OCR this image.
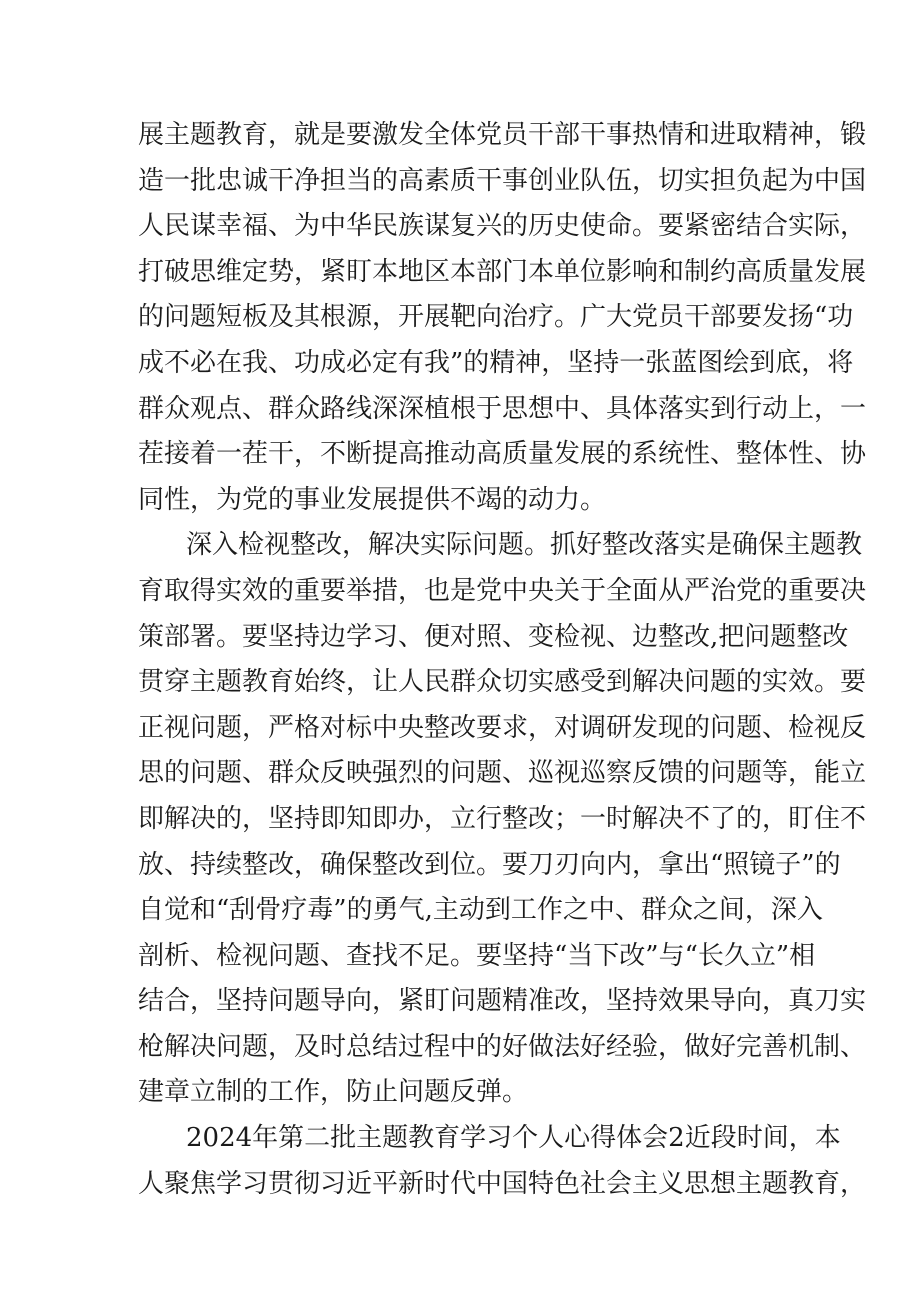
展主题教育，就是要激发全体党员干部干事热情和进取精神，锻
造一批忠诚干净担当的高素质干事创业队伍，切实担负起为中国
人民谋幸福、为中华民族谋复兴的历史使命。要紧密结合实际，
打破思维定势，紧盯本地区本部门本单位影响和制约高质量发展
的问题短板及其根源，开展靶向治疗。广大党员干部要发扬“功
成不必在我、功成必定有我”的精神，坚持一张蓝图绘到底，将
群众观点、群众路线深深植根于思想中、具体落实到行动上，一
茬接着一茬干，不断提高推动高质量发展的系统性、整体性、协
同性，为党的事业发展提供不竭的动力。
深入检视整改，解决实际问题。抓好整改落实是确保主题教
育取得实效的重要举措，也是党中央关于全面从严治党的重要决
策部署。要坚持边学习、便对照、变检视、边整改,把问题整改
贯穿主题教育始终，让人民群众切实感受到解决问题的实效。要
正视问题，严格对标中央整改要求，对调研发现的问题、检视反
思的问题、群众反映强烈的问题、巡视巡察反馈的问题等，能立
即解决的，坚持即知即办，立行整改；一时解决不了的，盯住不
放、持续整改，确保整改到位。要刀刃向内，拿出“照镜子”的
自觉和“刮骨疗毒”的勇气,主动到工作之中、群众之间，深入
剖析、检视问题、查找不足。要坚持“当下改”与“长久立”相
结合，坚持问题导向，紧盯问题精准改，坚持效果导向，真刀实
枪解决问题，及时总结过程中的好做法好经验，做好完善机制、
建章立制的工作，防止问题反弹。
2024年第二批主题教育学习个人心得体会2近段时间，本
人聚焦学习贯彻习近平新时代中国特色社会主义思想主题教育，
